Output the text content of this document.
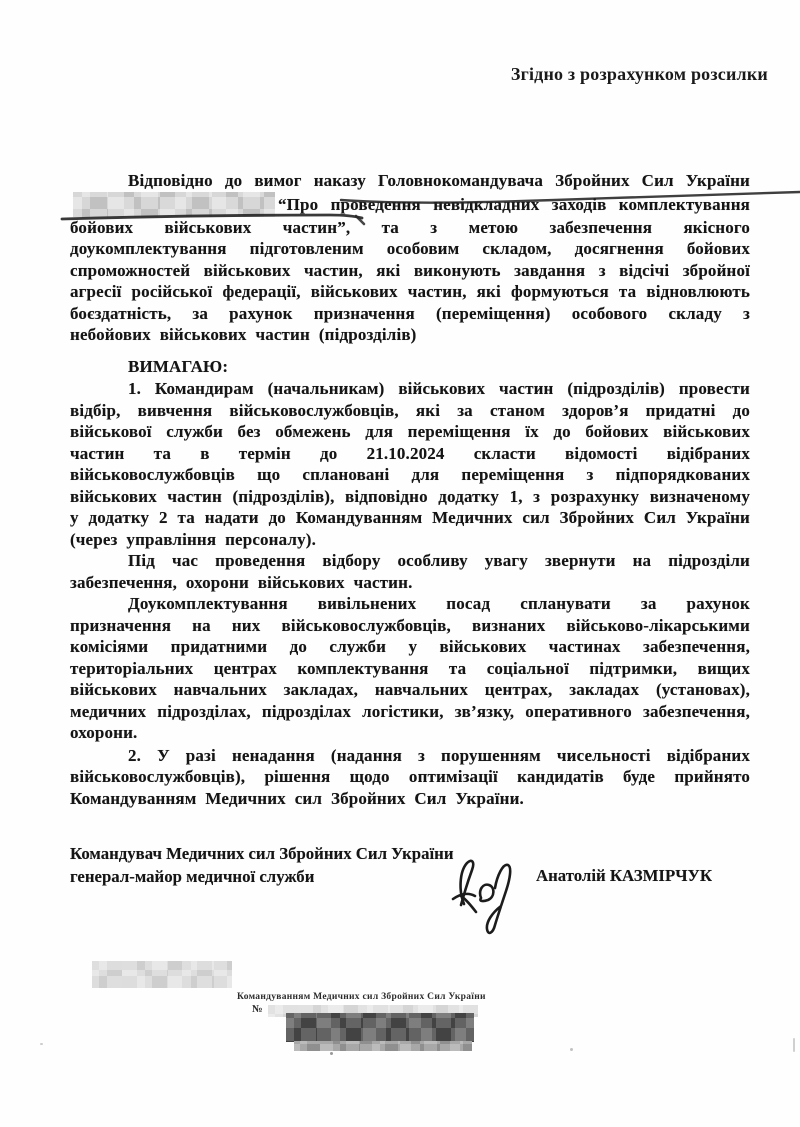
Згідно з розрахунком розсилки

Відповідно до вимог наказу Головнокомандувача Збройних Сил України“Про проведення невідкладних заходів комплектування бойових військових частин”, та з метою забезпечення якісного доукомплектування підготовленим особовим складом, досягнення бойових спроможностей військових частин, які виконують завдання з відсічі збройної агресії російської федерації, військових частин, які формуються та відновлюють боєздатність, за рахунок призначення (переміщення) особового складу з небойових військових частин (підрозділів)

ВИМАГАЮ:

1. Командирам (начальникам) військових частин (підрозділів) провести відбір, вивчення військовослужбовців, які за станом здоров’я придатні до військової служби без обмежень для переміщення їх до бойових військових частин та в термін до 21.10.2024 скласти відомості відібраних військовослужбовців що сплановані для переміщення з підпорядкованих військових частин (підрозділів), відповідно додатку 1, з розрахунку визначеному у додатку 2 та надати до Командуванням Медичних сил Збройних Сил України (через управління персоналу).

Під час проведення відбору особливу увагу звернути на підрозділи забезпечення, охорони військових частин.

Доукомплектування вивільнених посад спланувати за рахунок призначення на них військовослужбовців, визнаних військово-лікарськими комісіями придатними до служби у військових частинах забезпечення, територіальних центрах комплектування та соціальної підтримки, вищих військових навчальних закладах, навчальних центрах, закладах (установах), медичних підрозділах, підрозділах логістики, зв’язку, оперативного забезпечення, охорони.

2. У разі ненадання (надання з порушенням чисельності відібраних військовослужбовців), рішення щодо оптимізації кандидатів буде прийнято Командуванням Медичних сил Збройних Сил України.

Командувач Медичних сил Збройних Сил України
генерал-майор медичної служби	Анатолій КАЗМІРЧУК
Командуванням Медичних сил Збройних Сил України
№
